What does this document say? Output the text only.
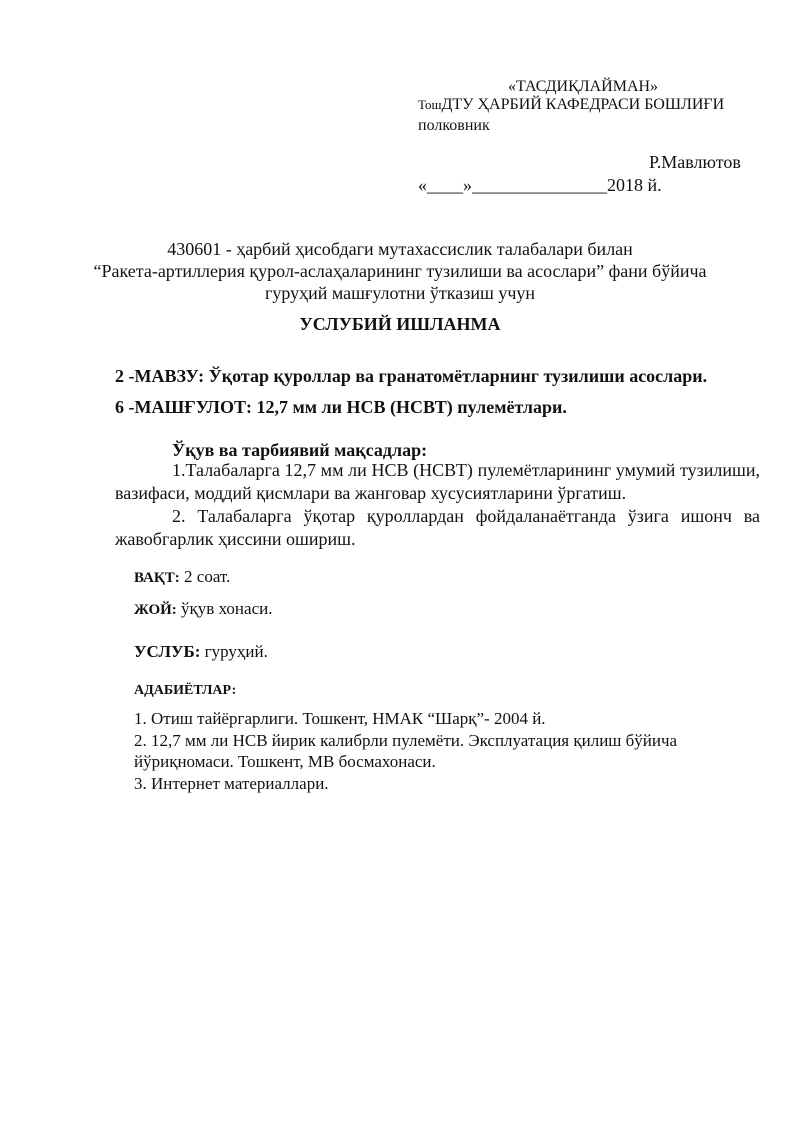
«ТАСДИҚЛАЙМАН»
ТошДТУ ҲАРБИЙ КАФЕДРАСИ БОШЛИҒИ
полковник
Р.Мавлютов
«____»_______________2018 й.
430601 - ҳарбий ҳисобдаги мутахассислик талабалари билан
“Ракета-артиллерия қурол-аслаҳаларининг тузилиши ва асослари” фани бўйича
гуруҳий машғулотни ўтказиш учун
УСЛУБИЙ ИШЛАНМА
2 -МАВЗУ: Ўқотар қуроллар ва гранатомётларнинг тузилиши асослари.
6 -МАШҒУЛОТ: 12,7 мм ли НСВ (НСВТ) пулемётлари.
Ўқув ва тарбиявий мақсадлар:
1.Талабаларга 12,7 мм ли НСВ (НСВТ) пулемётларининг умумий тузилиши, вазифаси, моддий қисмлари ва жанговар хусусиятларини ўргатиш.
2. Талабаларга ўқотар қуроллардан фойдаланаётганда ўзига ишонч ва жавобгарлик ҳиссини ошириш.
ВАҚТ: 2 соат.
ЖОЙ: ўқув хонаси.
УСЛУБ: гуруҳий.
АДАБИЁТЛАР:
1. Отиш тайёргарлиги. Тошкент, НМАК “Шарқ”- 2004 й.
2. 12,7 мм ли НСВ йирик калибрли пулемёти. Эксплуатация қилиш бўйича
йўриқномаси. Тошкент, МВ босмахонаси.
3. Интернет материаллари.
